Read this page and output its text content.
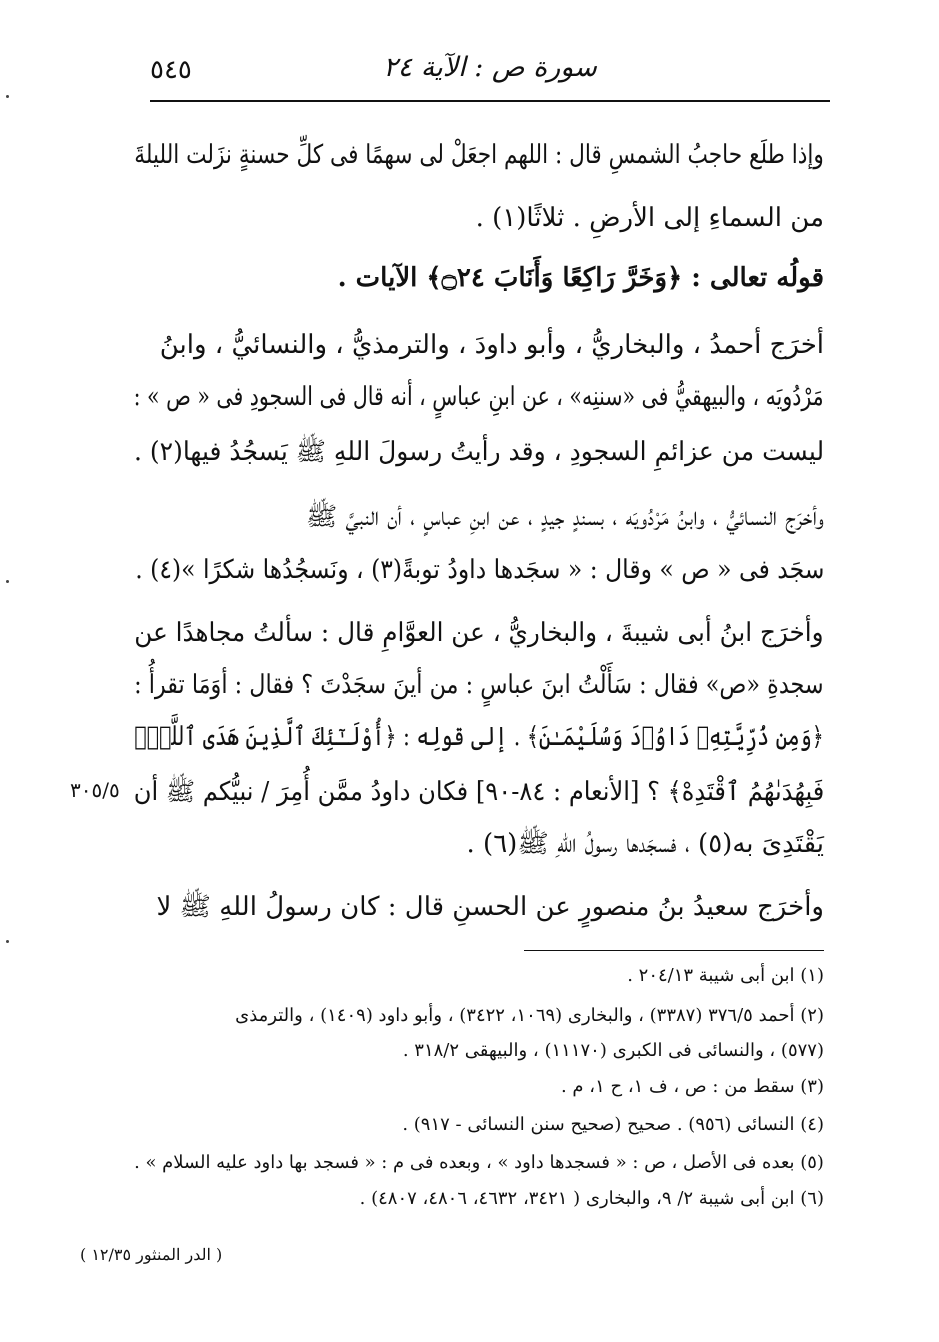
٥٤٥	سورة ص : الآية ٢٤
وإذا طلَع حاجبُ الشمسِ قال : اللهم اجعَلْ لى سهمًا فى كلِّ حسنةٍ نزَلت الليلةَ
من السماءِ إلى الأرضِ . ثلاثًا(١) .
قولُه تعالى : ﴿وَخَرَّ رَاكِعًا وَأَنَابَ ۝٢٤﴾ الآيات .
أخرَج أحمدُ ، والبخاريُّ ، وأبو داودَ ، والترمذيُّ ، والنسائيُّ ، وابنُ
مَرْدُويَه ، والبيهقيُّ فى «سننِه» ، عن ابنِ عباسٍ ، أنه قال فى السجودِ فى « ص » :
ليست من عزائمِ السجودِ ، وقد رأيتُ رسولَ اللهِ ﷺ يَسجُدُ فيها(٢) .
وأخرَج النسائيُّ ، وابنُ مَرْدُويَه ، بسندٍ جيدٍ ، عن ابنِ عباسٍ ، أن النبيَّ ﷺ
سجَد فى « ص » وقال : « سجَدها داودُ توبةً(٣) ، ونَسجُدُها شكرًا »(٤) .
وأخرَج ابنُ أبى شيبةَ ، والبخاريُّ ، عن العوَّامِ قال : سألتُ مجاهدًا عن
سجدةِ «ص» فقال : سَأَلْتُ ابنَ عباسٍ : من أينَ سجَدْتَ ؟ فقال : أوَمَا تقرأُ :
﴿وَمِن ذُرِّيَّتِهِۦ دَاوُۥدَ وَسُلَيْمَـٰنَ﴾ . إلى قولِه : ﴿أُوْلَـٰٓئِكَ ٱلَّذِينَ هَدَى ٱللَّهُۖ
فَبِهُدَىٰهُمُ ٱقْتَدِهْ﴾ ؟ [الأنعام : ٨٤-٩٠] فكان داودُ ممَّن أُمِرَ / نبيُّكم ﷺ أن
يَقْتَدِىَ به(٥) ، فسجَدها رسولُ اللهِ ﷺ(٦) .
وأخرَج سعيدُ بنُ منصورٍ عن الحسنِ قال : كان رسولُ اللهِ ﷺ لا
٣٠٥/٥
(١) ابن أبى شيبة ٢٠٤/١٣ .
(٢) أحمد ٣٧٦/٥ (٣٣٨٧) ، والبخارى (١٠٦٩، ٣٤٢٢) ، وأبو داود (١٤٠٩) ، والترمذى
(٥٧٧) ، والنسائى فى الكبرى (١١١٧٠) ، والبيهقى ٣١٨/٢ .
(٣) سقط من : ص ، ف ١، ح ١، م .
(٤) النسائى (٩٥٦) . صحيح (صحيح سنن النسائى - ٩١٧) .
(٥) بعده فى الأصل ، ص : « فسجدها داود » ، وبعده فى م : « فسجد بها داود عليه السلام » .
(٦) ابن أبى شيبة ٢/ ٩، والبخارى ( ٣٤٢١، ٤٦٣٢، ٤٨٠٦، ٤٨٠٧) .
( الدر المنثور ١٢/٣٥ )
